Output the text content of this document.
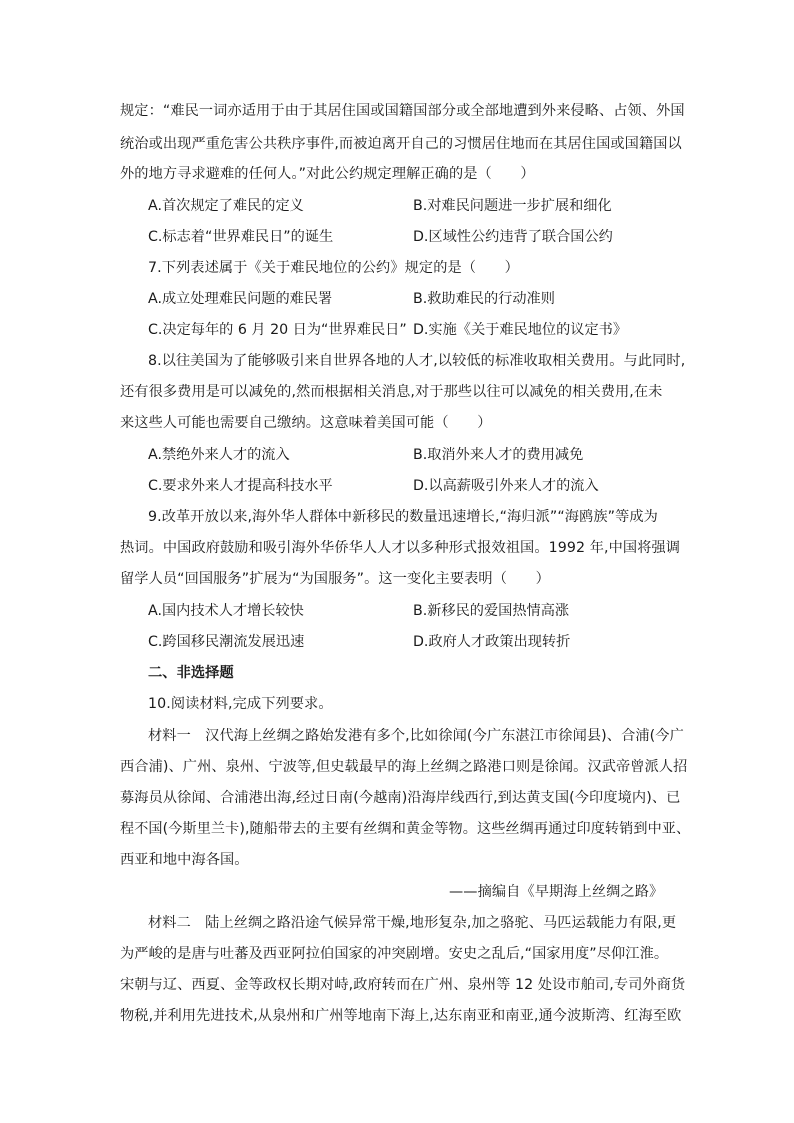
规定：“难民一词亦适用于由于其居住国或国籍国部分或全部地遭到外来侵略、占领、外国
统治或出现严重危害公共秩序事件,而被迫离开自己的习惯居住地而在其居住国或国籍国以
外的地方寻求避难的任何人。”对此公约规定理解正确的是（　　）
A.首次规定了难民的定义	B.对难民问题进一步扩展和细化
C.标志着“世界难民日”的诞生	D.区域性公约违背了联合国公约
7.下列表述属于《关于难民地位的公约》规定的是（　　）
A.成立处理难民问题的难民署	B.救助难民的行动准则
C.决定每年的 6 月 20 日为“世界难民日” D.实施《关于难民地位的议定书》
8.以往美国为了能够吸引来自世界各地的人才,以较低的标准收取相关费用。与此同时,
还有很多费用是可以减免的,然而根据相关消息,对于那些以往可以减免的相关费用,在未
来这些人可能也需要自己缴纳。这意味着美国可能（　　）
A.禁绝外来人才的流入	B.取消外来人才的费用减免
C.要求外来人才提高科技水平	D.以高薪吸引外来人才的流入
9.改革开放以来,海外华人群体中新移民的数量迅速增长,“海归派”“海鸥族”等成为
热词。中国政府鼓励和吸引海外华侨华人人才以多种形式报效祖国。1992 年,中国将强调
留学人员“回国服务”扩展为“为国服务”。这一变化主要表明（　　）
A.国内技术人才增长较快	B.新移民的爱国热情高涨
C.跨国移民潮流发展迅速	D.政府人才政策出现转折
二、非选择题
10.阅读材料,完成下列要求。
材料一　汉代海上丝绸之路始发港有多个,比如徐闻(今广东湛江市徐闻县)、合浦(今广
西合浦)、广州、泉州、宁波等,但史载最早的海上丝绸之路港口则是徐闻。汉武帝曾派人招
募海员从徐闻、合浦港出海,经过日南(今越南)沿海岸线西行,到达黄支国(今印度境内)、已
程不国(今斯里兰卡),随船带去的主要有丝绸和黄金等物。这些丝绸再通过印度转销到中亚、
西亚和地中海各国。
——摘编自《早期海上丝绸之路》
材料二　陆上丝绸之路沿途气候异常干燥,地形复杂,加之骆驼、马匹运载能力有限,更
为严峻的是唐与吐蕃及西亚阿拉伯国家的冲突剧增。安史之乱后,“国家用度”尽仰江淮。
宋朝与辽、西夏、金等政权长期对峙,政府转而在广州、泉州等 12 处设市舶司,专司外商货
物税,并利用先进技术,从泉州和广州等地南下海上,达东南亚和南亚,通今波斯湾、红海至欧
